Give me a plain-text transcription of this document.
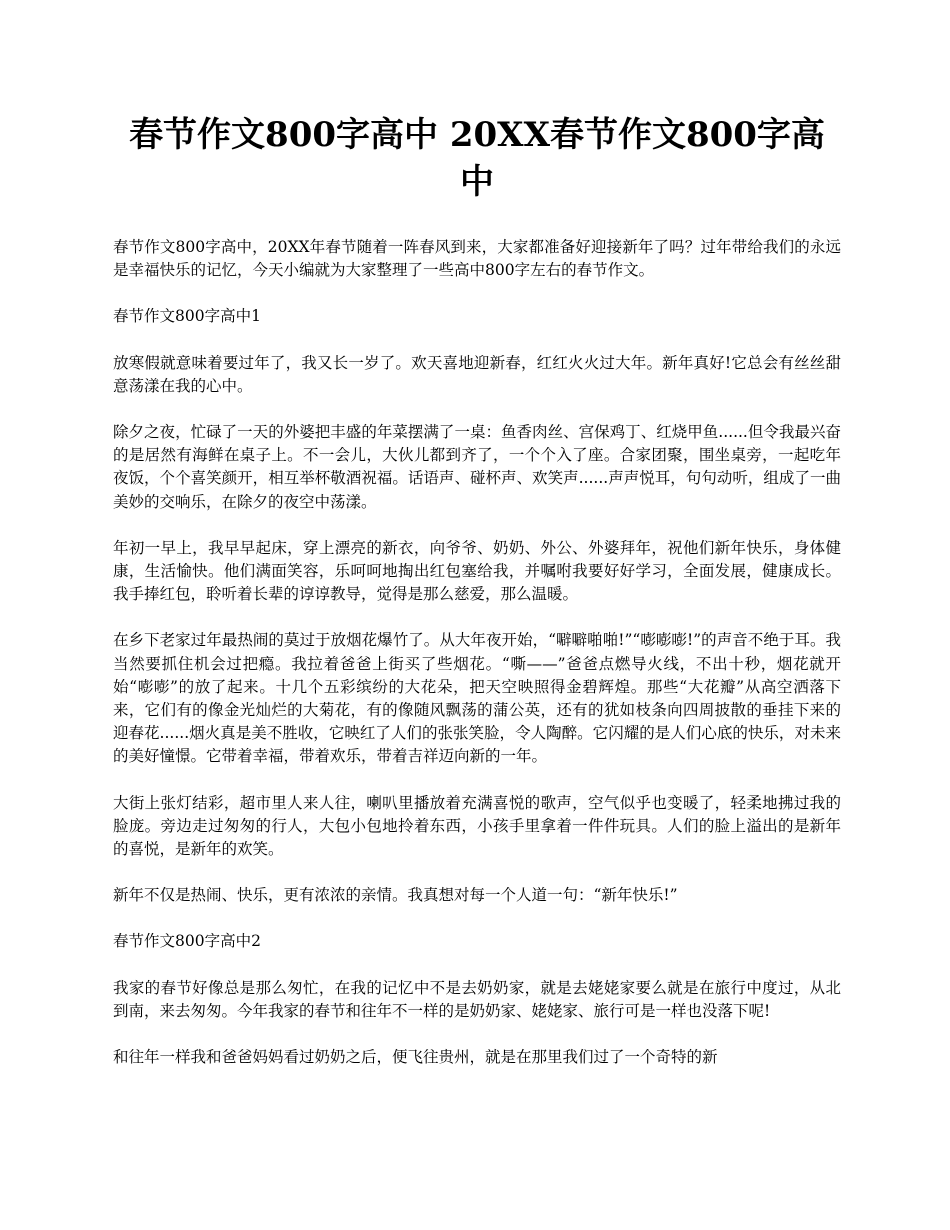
春节作文800字高中 20XX春节作文800字高中

春节作文800字高中，20XX年春节随着一阵春风到来，大家都准备好迎接新年了吗？过年带给我们的永远是幸福快乐的记忆，今天小编就为大家整理了一些高中800字左右的春节作文。

春节作文800字高中1

放寒假就意味着要过年了，我又长一岁了。欢天喜地迎新春，红红火火过大年。新年真好!它总会有丝丝甜意荡漾在我的心中。

除夕之夜，忙碌了一天的外婆把丰盛的年菜摆满了一桌：鱼香肉丝、宫保鸡丁、红烧甲鱼......但令我最兴奋的是居然有海鲜在桌子上。不一会儿，大伙儿都到齐了，一个个入了座。合家团聚，围坐桌旁，一起吃年夜饭，个个喜笑颜开，相互举杯敬酒祝福。话语声、碰杯声、欢笑声......声声悦耳，句句动听，组成了一曲美妙的交响乐，在除夕的夜空中荡漾。

年初一早上，我早早起床，穿上漂亮的新衣，向爷爷、奶奶、外公、外婆拜年，祝他们新年快乐，身体健康，生活愉快。他们满面笑容，乐呵呵地掏出红包塞给我，并嘱咐我要好好学习，全面发展，健康成长。我手捧红包，聆听着长辈的谆谆教导，觉得是那么慈爱，那么温暖。

在乡下老家过年最热闹的莫过于放烟花爆竹了。从大年夜开始，“噼噼啪啪!”“嘭嘭嘭!”的声音不绝于耳。我当然要抓住机会过把瘾。我拉着爸爸上街买了些烟花。“嘶——”爸爸点燃导火线，不出十秒，烟花就开始“嘭嘭”的放了起来。十几个五彩缤纷的大花朵，把天空映照得金碧辉煌。那些“大花瓣”从高空洒落下来，它们有的像金光灿烂的大菊花，有的像随风飘荡的蒲公英，还有的犹如枝条向四周披散的垂挂下来的迎春花......烟火真是美不胜收，它映红了人们的张张笑脸，令人陶醉。它闪耀的是人们心底的快乐，对未来的美好憧憬。它带着幸福，带着欢乐，带着吉祥迈向新的一年。

大街上张灯结彩，超市里人来人往，喇叭里播放着充满喜悦的歌声，空气似乎也变暖了，轻柔地拂过我的脸庞。旁边走过匆匆的行人，大包小包地拎着东西，小孩手里拿着一件件玩具。人们的脸上溢出的是新年的喜悦，是新年的欢笑。

新年不仅是热闹、快乐，更有浓浓的亲情。我真想对每一个人道一句：“新年快乐!”

春节作文800字高中2

我家的春节好像总是那么匆忙，在我的记忆中不是去奶奶家，就是去姥姥家要么就是在旅行中度过，从北到南，来去匆匆。今年我家的春节和往年不一样的是奶奶家、姥姥家、旅行可是一样也没落下呢!

和往年一样我和爸爸妈妈看过奶奶之后，便飞往贵州，就是在那里我们过了一个奇特的新
